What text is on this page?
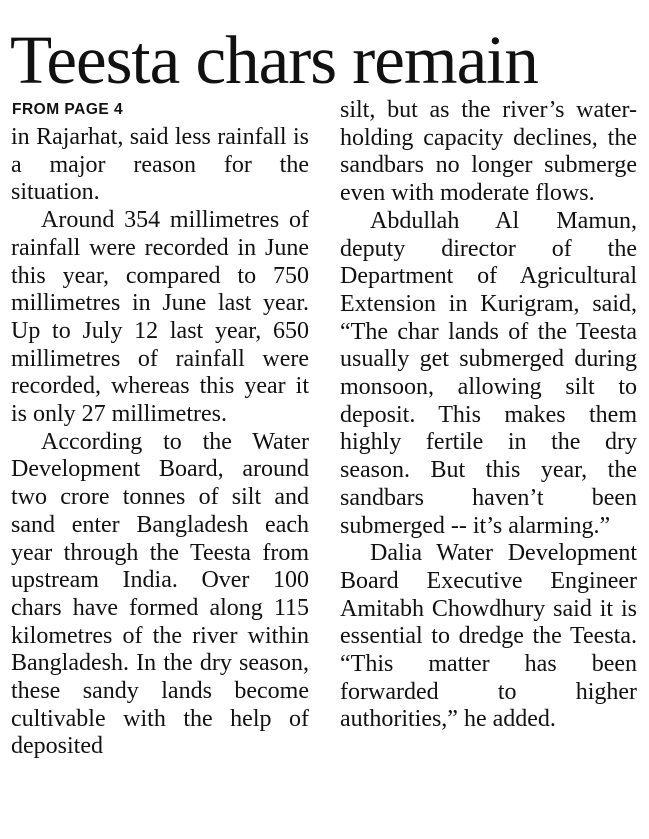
Teesta chars remain
FROM PAGE 4

in Rajarhat, said less rainfall is a major reason for the situation.

Around 354 millimetres of rainfall were recorded in June this year, compared to 750 millimetres in June last year. Up to July 12 last year, 650 millimetres of rainfall were recorded, whereas this year it is only 27 millimetres.

According to the Water Development Board, around two crore tonnes of silt and sand enter Bangladesh each year through the Teesta from upstream India. Over 100 chars have formed along 115 kilometres of the river within Bangladesh. In the dry season, these sandy lands become cultivable with the help of deposited

silt, but as the river’s water-holding capacity declines, the sandbars no longer submerge even with moderate flows.

Abdullah Al Mamun, deputy director of the Department of Agricultural Extension in Kurigram, said, “The char lands of the Teesta usually get submerged during monsoon, allowing silt to deposit. This makes them highly fertile in the dry season. But this year, the sandbars haven’t been submerged -- it’s alarming.”

Dalia Water Development Board Executive Engineer Amitabh Chowdhury said it is essential to dredge the Teesta. “This matter has been forwarded to higher authorities,” he added.
